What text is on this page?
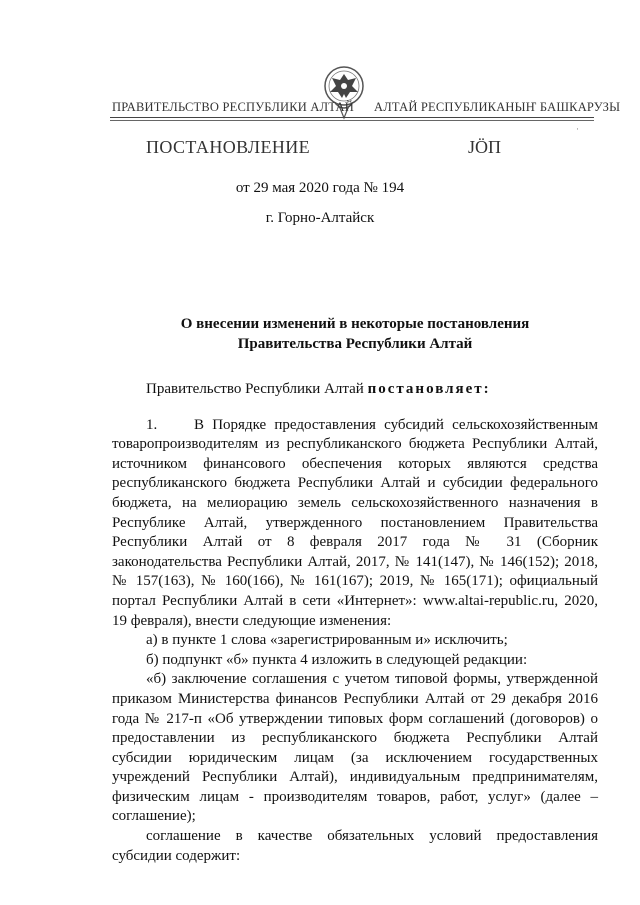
ПРАВИТЕЛЬСТВО РЕСПУБЛИКИ АЛТАЙ АЛТАЙ РЕСПУБЛИКАНЫҤ БАШКАРУЗЫ
·
ПОСТАНОВЛЕНИЕ	ЈӦП
от 29 мая 2020 года № 194
г. Горно-Алтайск
О внесении изменений в некоторые постановления
Правительства Республики Алтай

Правительство Республики Алтай постановляет:

1. В Порядке предоставления субсидий сельскохозяйственным
товаропроизводителям из республиканского бюджета Республики Алтай,
источником финансового обеспечения которых являются средства
республиканского бюджета Республики Алтай и субсидии федерального
бюджета, на мелиорацию земель сельскохозяйственного назначения в
Республике Алтай, утвержденного постановлением Правительства
Республики Алтай от 8 февраля 2017 года № 31 (Сборник
законодательства Республики Алтай, 2017, № 141(147), № 146(152); 2018,
№ 157(163), № 160(166), № 161(167); 2019, № 165(171); официальный
портал Республики Алтай в сети «Интернет»: www.altai-republic.ru, 2020,
19 февраля), внести следующие изменения:
а) в пункте 1 слова «зарегистрированным и» исключить;
б) подпункт «б» пункта 4 изложить в следующей редакции:
«б) заключение соглашения с учетом типовой формы, утвержденной
приказом Министерства финансов Республики Алтай от 29 декабря 2016
года № 217-п «Об утверждении типовых форм соглашений (договоров) о
предоставлении из республиканского бюджета Республики Алтай
субсидии юридическим лицам (за исключением государственных
учреждений Республики Алтай), индивидуальным предпринимателям,
физическим лицам - производителям товаров, работ, услуг» (далее –
соглашение);
соглашение в качестве обязательных условий предоставления
субсидии содержит:
